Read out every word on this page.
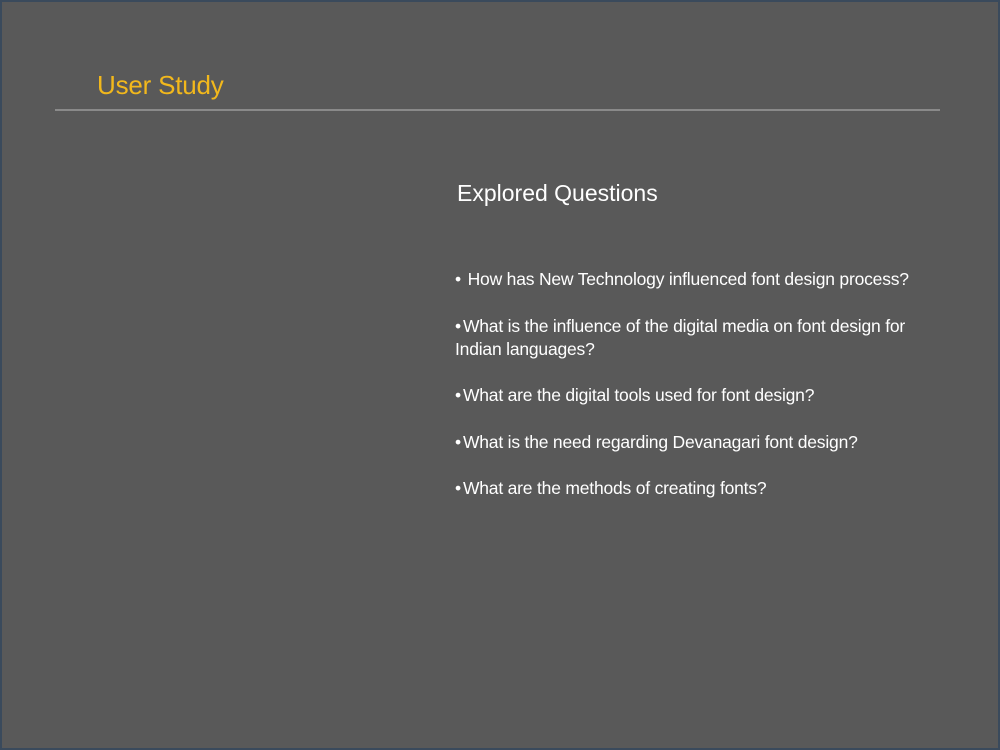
User Study
Explored Questions
• How has New Technology influenced font design process?
• What is the influence of the digital media on font design for Indian languages?
• What are the digital tools used for font design?
• What is the need regarding Devanagari font design?
• What are the methods of creating fonts?
